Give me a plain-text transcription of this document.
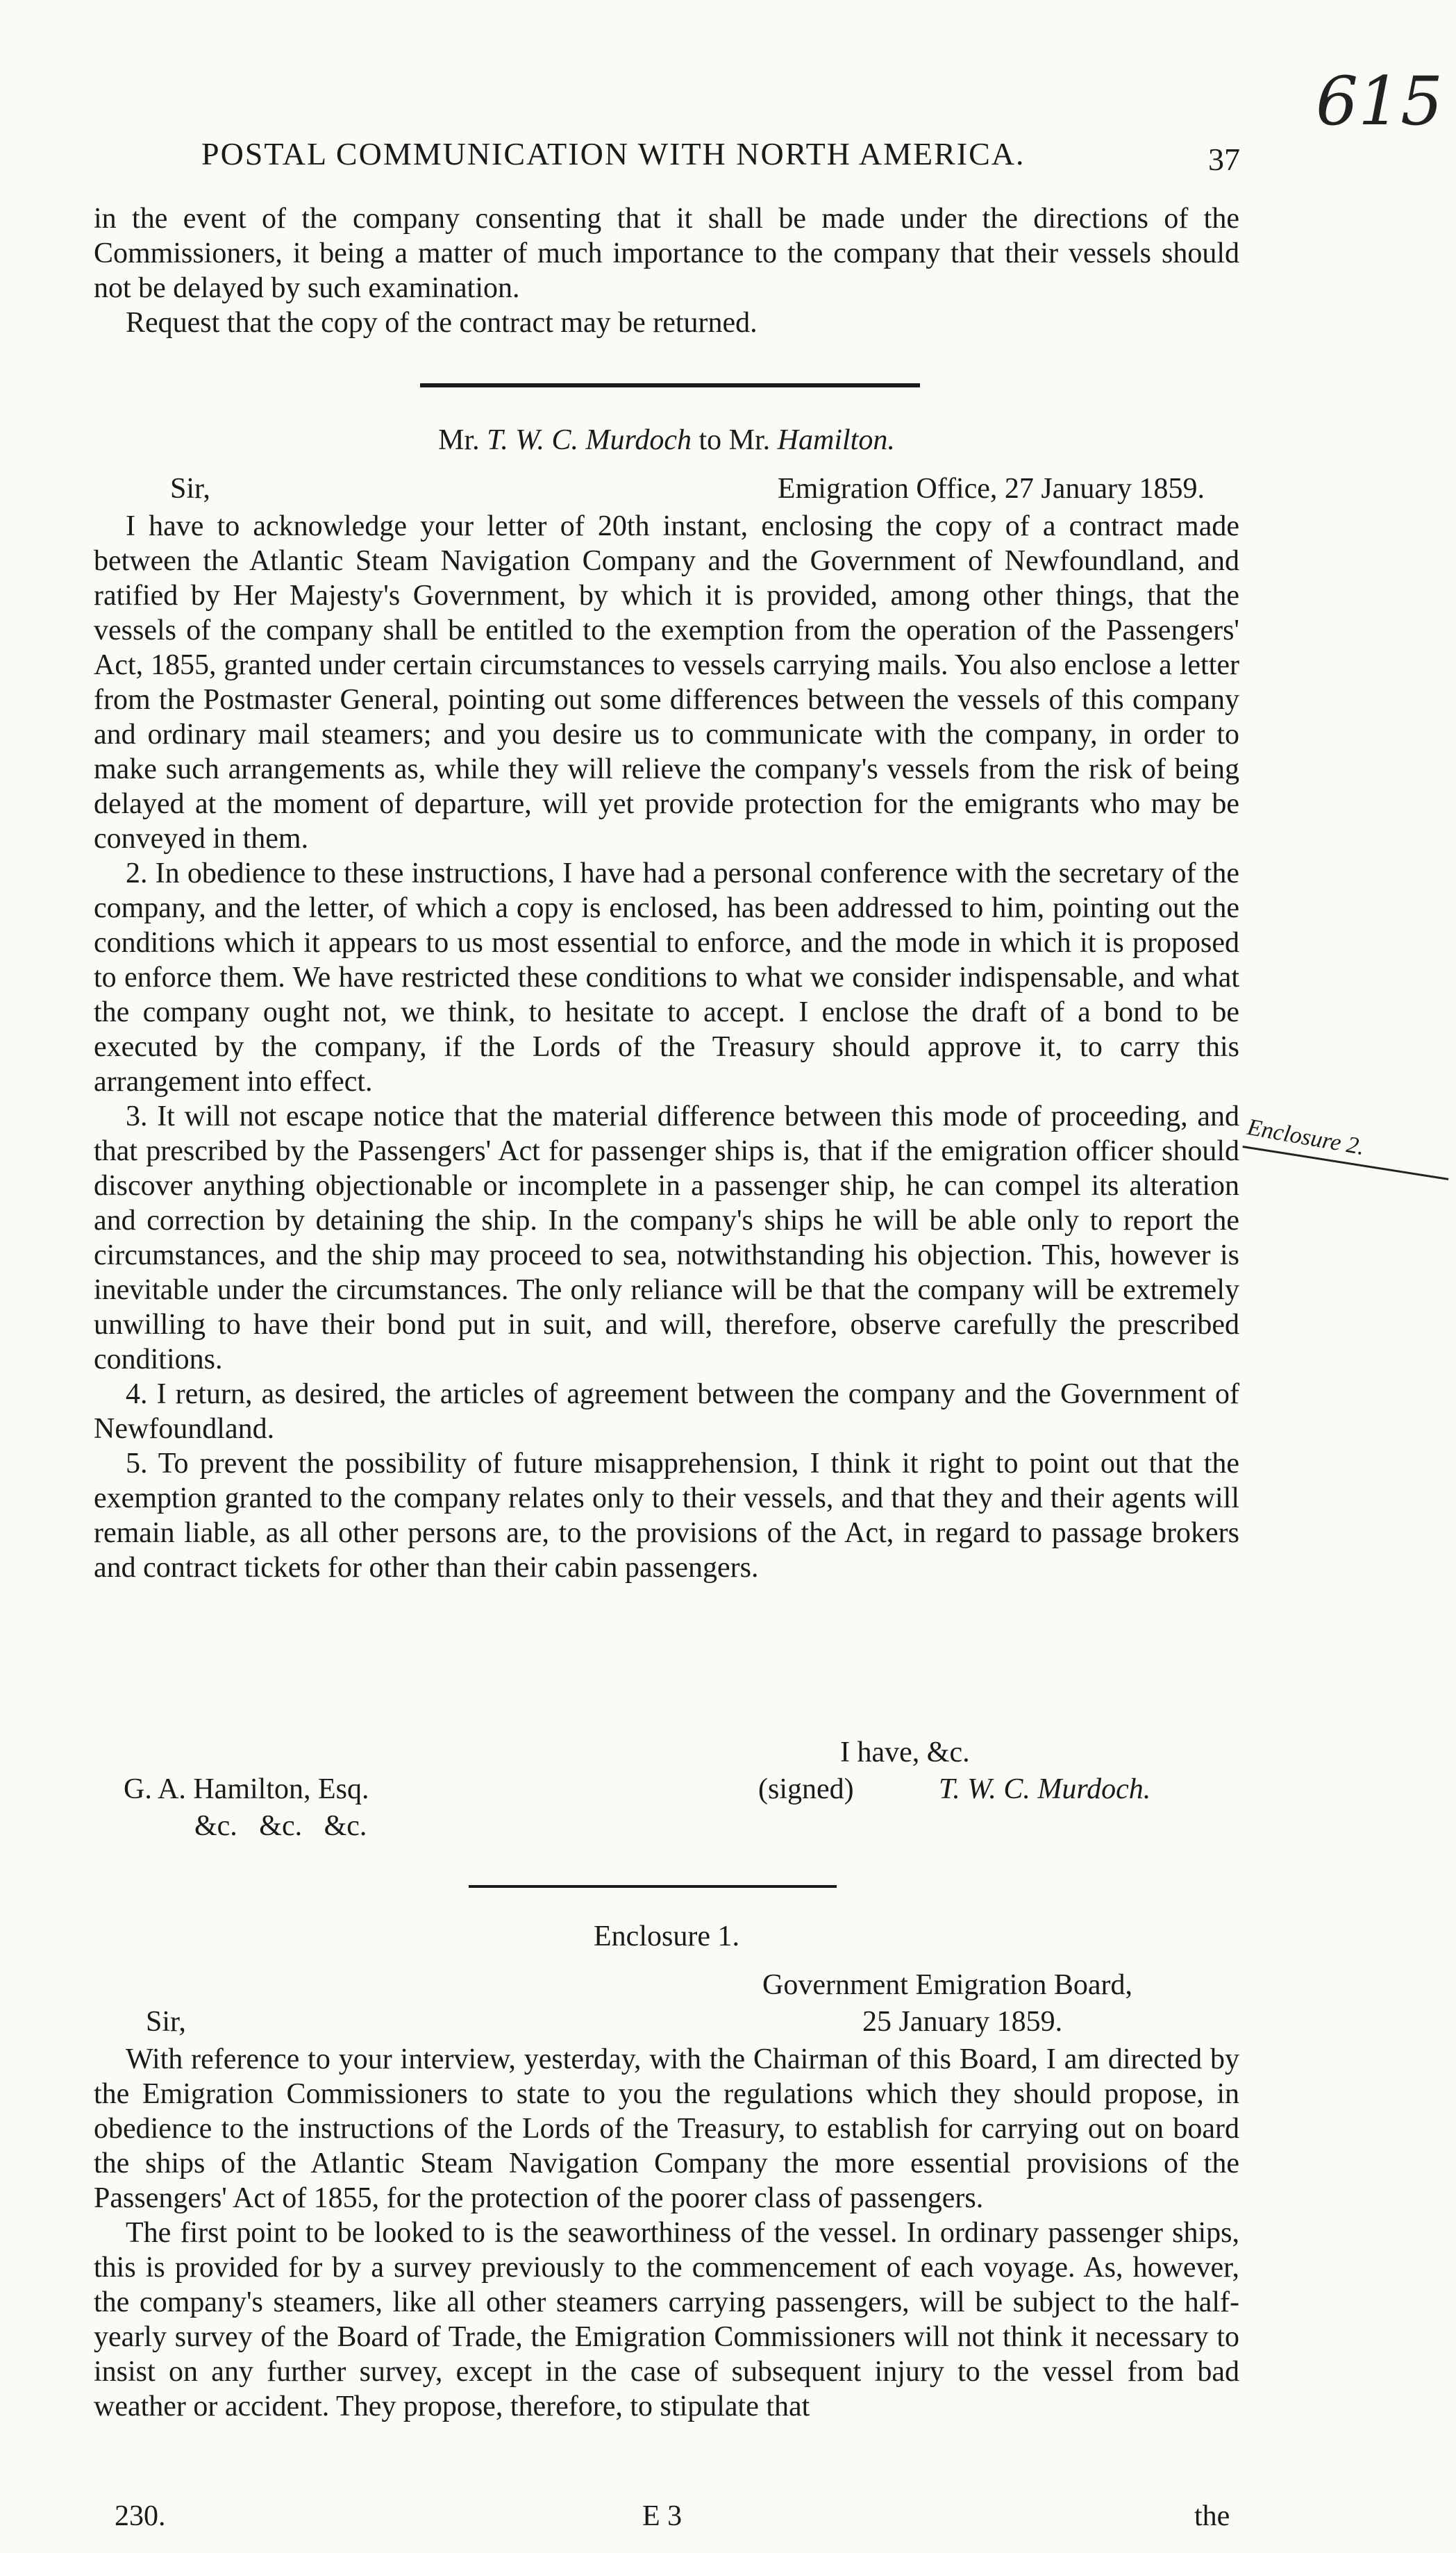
615
POSTAL COMMUNICATION WITH NORTH AMERICA.	37

in the event of the company consenting that it shall be made under the directions of the Commissioners, it being a matter of much importance to the company that their vessels should not be delayed by such examination.

Request that the copy of the contract may be returned.

Mr. T. W. C. Murdoch to Mr. Hamilton.
Sir,	Emigration Office, 27 January 1859.

I have to acknowledge your letter of 20th instant, enclosing the copy of a contract made between the Atlantic Steam Navigation Company and the Government of Newfoundland, and ratified by Her Majesty's Government, by which it is provided, among other things, that the vessels of the company shall be entitled to the exemption from the operation of the Passengers' Act, 1855, granted under certain circumstances to vessels carrying mails. You also enclose a letter from the Postmaster General, pointing out some differences between the vessels of this company and ordinary mail steamers; and you desire us to communicate with the company, in order to make such arrangements as, while they will relieve the company's vessels from the risk of being delayed at the moment of departure, will yet provide protection for the emigrants who may be conveyed in them.

2. In obedience to these instructions, I have had a personal conference with the secretary of the company, and the letter, of which a copy is enclosed, has been addressed to him, pointing out the conditions which it appears to us most essential to enforce, and the mode in which it is proposed to enforce them. We have restricted these conditions to what we consider indispensable, and what the company ought not, we think, to hesitate to accept. I enclose the draft of a bond to be executed by the company, if the Lords of the Treasury should approve it, to carry this arrangement into effect.

3. It will not escape notice that the material difference between this mode of proceeding, and that prescribed by the Passengers' Act for passenger ships is, that if the emigration officer should discover anything objectionable or incomplete in a passenger ship, he can compel its alteration and correction by detaining the ship. In the company's ships he will be able only to report the circumstances, and the ship may proceed to sea, notwithstanding his objection. This, however is inevitable under the circumstances. The only reliance will be that the company will be extremely unwilling to have their bond put in suit, and will, therefore, observe carefully the prescribed conditions.

4. I return, as desired, the articles of agreement between the company and the Government of Newfoundland.

5. To prevent the possibility of future misapprehension, I think it right to point out that the exemption granted to the company relates only to their vessels, and that they and their agents will remain liable, as all other persons are, to the provisions of the Act, in regard to passage brokers and contract tickets for other than their cabin passengers.

Enclosure 2.
I have, &c.
G. A. Hamilton, Esq.	(signed)	T. W. C. Murdoch.
&c.   &c.   &c.
Enclosure 1.
Government Emigration Board,
Sir,	25 January 1859.

With reference to your interview, yesterday, with the Chairman of this Board, I am directed by the Emigration Commissioners to state to you the regulations which they should propose, in obedience to the instructions of the Lords of the Treasury, to establish for carrying out on board the ships of the Atlantic Steam Navigation Company the more essential provisions of the Passengers' Act of 1855, for the protection of the poorer class of passengers.

The first point to be looked to is the seaworthiness of the vessel. In ordinary passenger ships, this is provided for by a survey previously to the commencement of each voyage. As, however, the company's steamers, like all other steamers carrying passengers, will be subject to the half-yearly survey of the Board of Trade, the Emigration Commissioners will not think it necessary to insist on any further survey, except in the case of subsequent injury to the vessel from bad weather or accident. They propose, therefore, to stipulate that

230.	E 3	the
